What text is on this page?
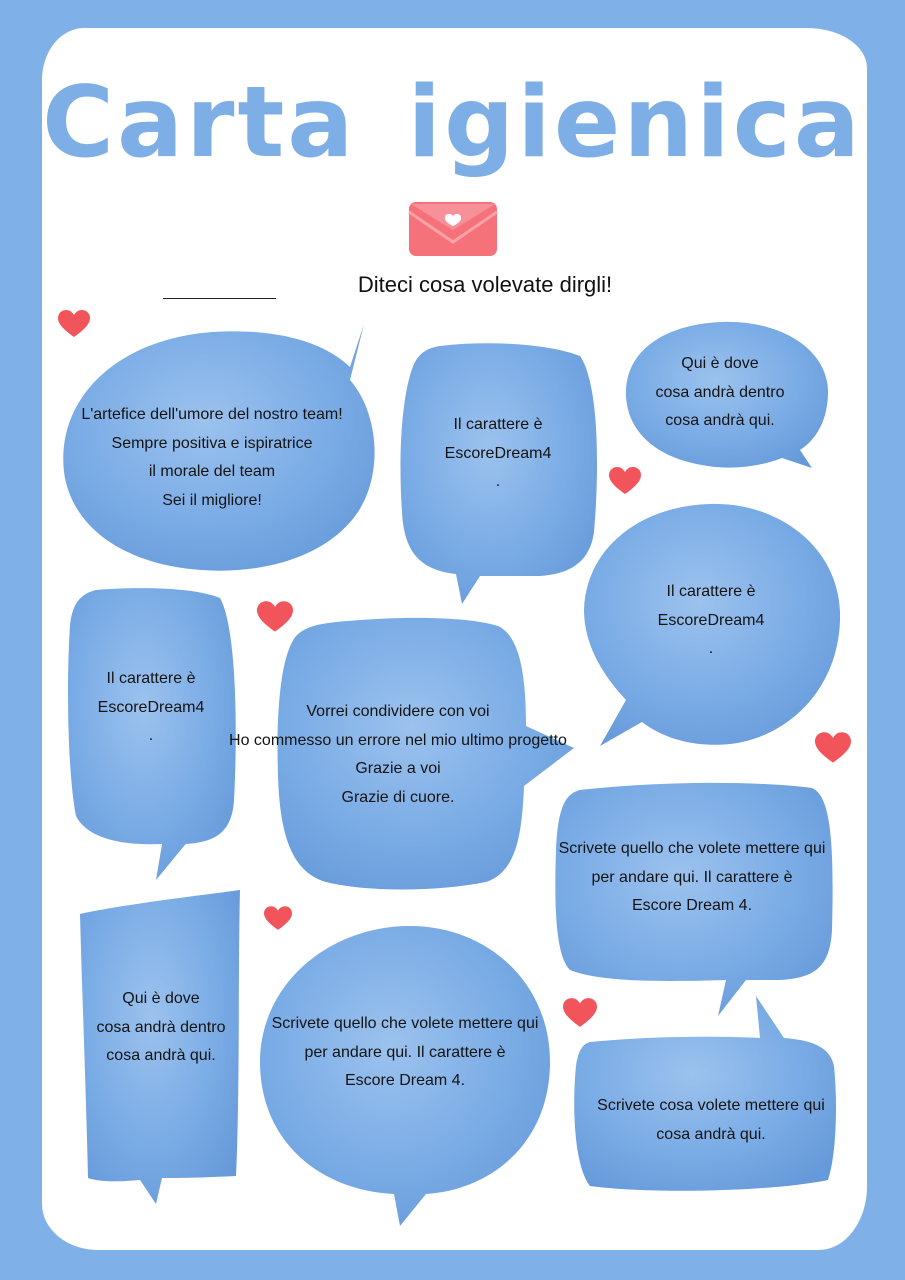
Carta igienica
Diteci cosa volevate dirgli!
L'artefice dell'umore del nostro team!
Sempre positiva e ispiratrice
il morale del team
Sei il migliore!
Il carattere è
EscoreDream4
.
Qui è dove
cosa andrà dentro
cosa andrà qui.
Il carattere è
EscoreDream4
.
Il carattere è
EscoreDream4
.
Vorrei condividere con voi
Ho commesso un errore nel mio ultimo progetto
Grazie a voi
Grazie di cuore.
Scrivete quello che volete mettere qui
per andare qui. Il carattere è
Escore Dream 4.
Qui è dove
cosa andrà dentro
cosa andrà qui.
Scrivete quello che volete mettere qui
per andare qui. Il carattere è
Escore Dream 4.
Scrivete cosa volete mettere qui
cosa andrà qui.
